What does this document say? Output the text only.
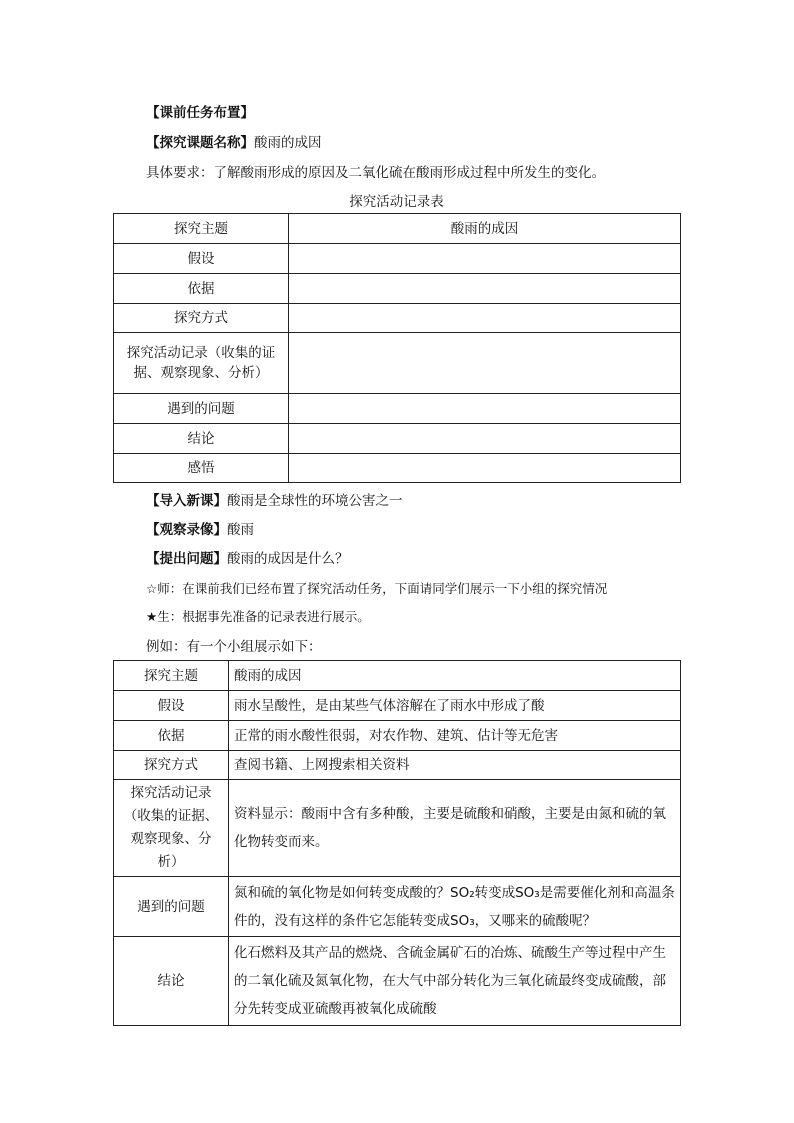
【课前任务布置】
【探究课题名称】酸雨的成因
具体要求：了解酸雨形成的原因及二氧化硫在酸雨形成过程中所发生的变化。
探究活动记录表
探究主题	酸雨的成因
假设	
依据	
探究方式	
探究活动记录（收集的证据、观察现象、分析）	
遇到的问题	
结论	
感悟	
【导入新课】酸雨是全球性的环境公害之一
【观察录像】酸雨
【提出问题】酸雨的成因是什么？
☆师：在课前我们已经布置了探究活动任务，下面请同学们展示一下小组的探究情况
★生：根据事先准备的记录表进行展示。
例如：有一个小组展示如下：
探究主题	酸雨的成因
假设	雨水呈酸性，是由某些气体溶解在了雨水中形成了酸
依据	正常的雨水酸性很弱，对农作物、建筑、估计等无危害
探究方式	查阅书籍、上网搜索相关资料
探究活动记录（收集的证据、观察现象、分析）	资料显示：酸雨中含有多种酸，主要是硫酸和硝酸，主要是由氮和硫的氧化物转变而来。
遇到的问题	氮和硫的氧化物是如何转变成酸的？SO₂转变成SO₃是需要催化剂和高温条件的，没有这样的条件它怎能转变成SO₃，又哪来的硫酸呢？
结论	化石燃料及其产品的燃烧、含硫金属矿石的冶炼、硫酸生产等过程中产生的二氧化硫及氮氧化物，在大气中部分转化为三氧化硫最终变成硫酸，部分先转变成亚硫酸再被氧化成硫酸
